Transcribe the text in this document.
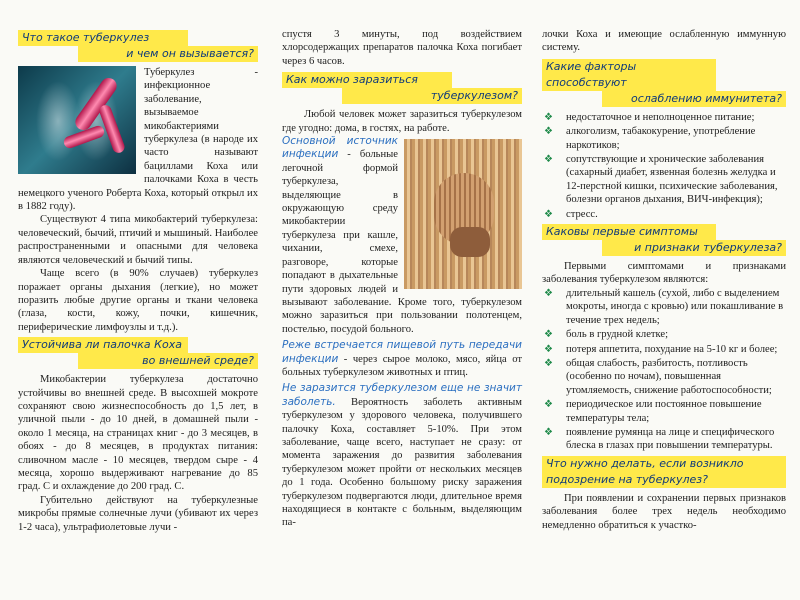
Что такое туберкулез
и чем он вызывается?

Туберкулез - инфекционное заболевание, вызываемое микобактериями туберкулеза (в народе их часто называют бациллами Коха или палочками Коха в честь немецкого ученого Роберта Коха, который открыл их в 1882 году).

Существуют 4 типа микобактерий туберкулеза: человеческий, бычий, птичий и мышиный. Наиболее распространенными и опасными для человека являются человеческий и бычий типы.

Чаще всего (в 90% случаев) туберкулез поражает органы дыхания (легкие), но может поразить любые другие органы и ткани человека (глаза, кости, кожу, почки, кишечник, периферические лимфоузлы и т.д.).

Устойчива ли палочка Коха
во внешней среде?

Микобактерии туберкулеза достаточно устойчивы во внешней среде. В высохшей мокроте сохраняют свою жизнеспособность до 1,5 лет, в уличной пыли - до 10 дней, в домашней пыли - около 1 месяца, на страницах книг - до 3 месяцев, в обоях - до 8 месяцев, в продуктах питания: сливочном масле - 10 месяцев, твердом сыре - 4 месяца, хорошо выдерживают нагревание до 85 град. С и охлаждение до 200 град. С.

Губительно действуют на туберкулезные микробы прямые солнечные лучи (убивают их через 1-2 часа), ультрафиолетовые лучи -

спустя 3 минуты, под воздействием хлорсодержащих препаратов палочка Коха погибает через 6 часов.

Как можно заразиться
туберкулезом?

Любой человек может заразиться туберкулезом где угодно: дома, в гостях, на работе.

Основной источник инфекции - больные легочной формой туберкулеза, выделяющие в окружающую среду микобактерии туберкулеза при кашле, чихании, смехе, разговоре, которые попадают в дыхательные пути здоровых людей и вызывают заболевание. Кроме того, туберкулезом можно заразиться при пользовании полотенцем, постелью, посудой больного.

Реже встречается пищевой путь передачи инфекции - через сырое молоко, мясо, яйца от больных туберкулезом животных и птиц.

Не заразится туберкулезом еще не значит заболеть. Вероятность заболеть активным туберкулезом у здорового человека, получившего палочку Коха, составляет 5-10%. При этом заболевание, чаще всего, наступает не сразу: от момента заражения до развития заболевания туберкулезом может пройти от нескольких месяцев до 1 года. Особенно большому риску заражения туберкулезом подвергаются люди, длительное время находящиеся в контакте с больным, выделяющим па-

лочки Коха и имеющие ослабленную иммунную систему.

Какие факторы способствуют
ослаблению иммунитета?
❖ недостаточное и неполноценное питание;
❖ алкоголизм, табакокурение, употребление наркотиков;
❖ сопутствующие и хронические заболевания (сахарный диабет, язвенная болезнь желудка и 12-перстной кишки, психические заболевания, болезни органов дыхания, ВИЧ-инфекция);
❖ стресс.
Каковы первые симптомы
и признаки туберкулеза?

Первыми симптомами и признаками заболевания туберкулезом являются:

❖ длительный кашель (сухой, либо с выделением мокроты, иногда с кровью) или покашливание в течение трех недель;
❖ боль в грудной клетке;
❖ потеря аппетита, похудание на 5-10 кг и более;
❖ общая слабость, разбитость, потливость (особенно по ночам), повышенная утомляемость, снижение работоспособности;
❖ периодическое или постоянное повышение температуры тела;
❖ появление румянца на лице и специфического блеска в глазах при повышении температуры.
Что нужно делать, если возникло
подозрение на туберкулез?

При появлении и сохранении первых признаков заболевания более трех недель необходимо немедленно обратиться к участко-
